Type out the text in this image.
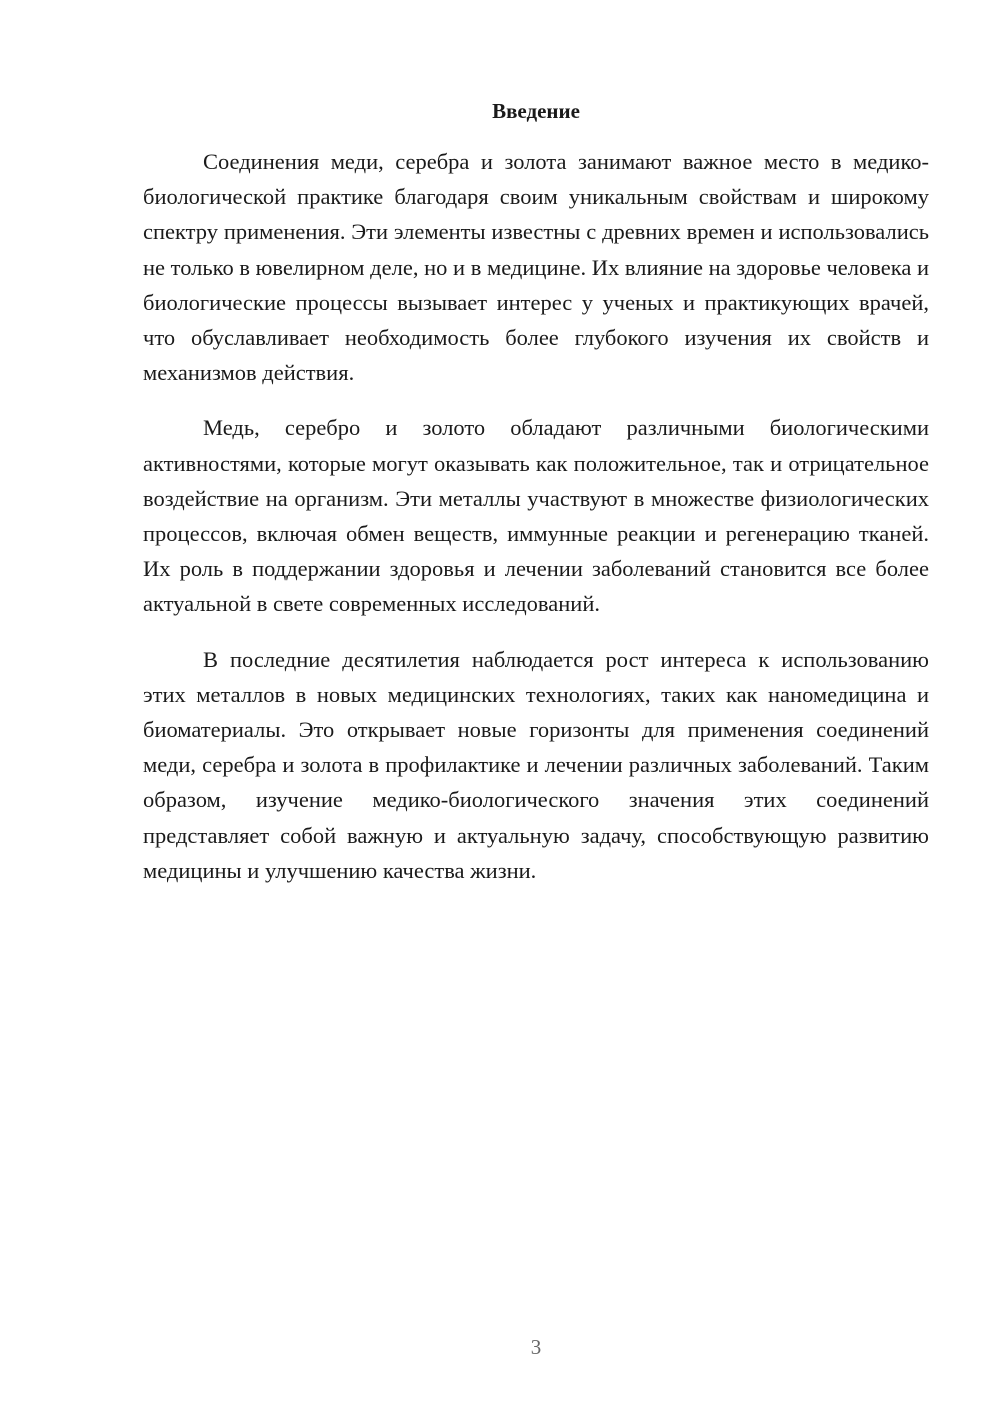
Введение

Соединения меди, серебра и золота занимают важное место в медико-биологической практике благодаря своим уникальным свойствам и широкому спектру применения. Эти элементы известны с древних времен и использовались не только в ювелирном деле, но и в медицине. Их влияние на здоровье человека и биологические процессы вызывает интерес у ученых и практикующих врачей, что обуславливает необходимость более глубокого изучения их свойств и механизмов действия.

Медь, серебро и золото обладают различными биологическими активностями, которые могут оказывать как положительное, так и отрицательное воздействие на организм. Эти металлы участвуют в множестве физиологических процессов, включая обмен веществ, иммунные реакции и регенерацию тканей. Их роль в поддержании здоровья и лечении заболеваний становится все более актуальной в свете современных исследований.

В последние десятилетия наблюдается рост интереса к использованию этих металлов в новых медицинских технологиях, таких как наномедицина и биоматериалы. Это открывает новые горизонты для применения соединений меди, серебра и золота в профилактике и лечении различных заболеваний. Таким образом, изучение медико-биологического значения этих соединений представляет собой важную и актуальную задачу, способствующую развитию медицины и улучшению качества жизни.

3
